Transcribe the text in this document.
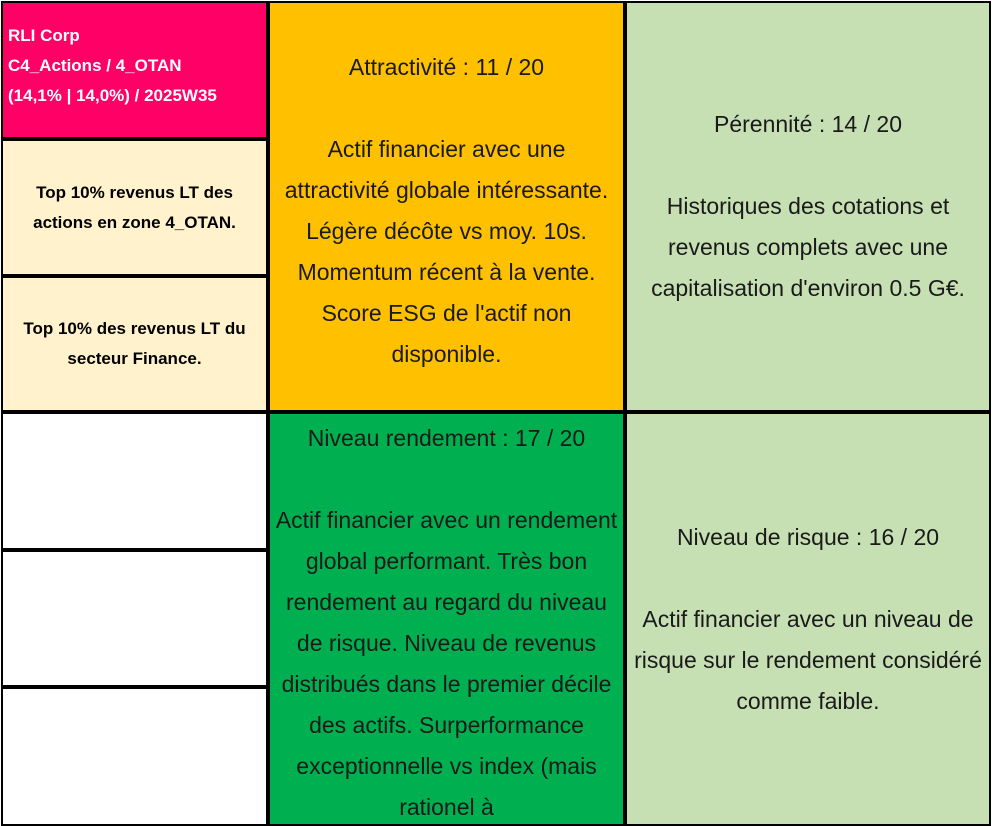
RLI Corp
C4_Actions / 4_OTAN
(14,1% | 14,0%) / 2025W35
Top 10% revenus LT des actions en zone 4_OTAN.
Top 10% des revenus LT du secteur Finance.
Attractivité : 11 / 20
Actif financier avec une attractivité globale intéressante. Légère décôte vs moy. 10s. Momentum récent à la vente. Score ESG de l'actif non disponible.
Pérennité : 14 / 20
Historiques des cotations et revenus complets avec une capitalisation d'environ 0.5 G€.
Niveau rendement : 17 / 20
Actif financier avec un rendement global performant. Très bon rendement au regard du niveau de risque. Niveau de revenus distribués dans le premier décile des actifs. Surperformance exceptionnelle vs index (mais rationel à
Niveau de risque : 16 / 20
Actif financier avec un niveau de risque sur le rendement considéré comme faible.
